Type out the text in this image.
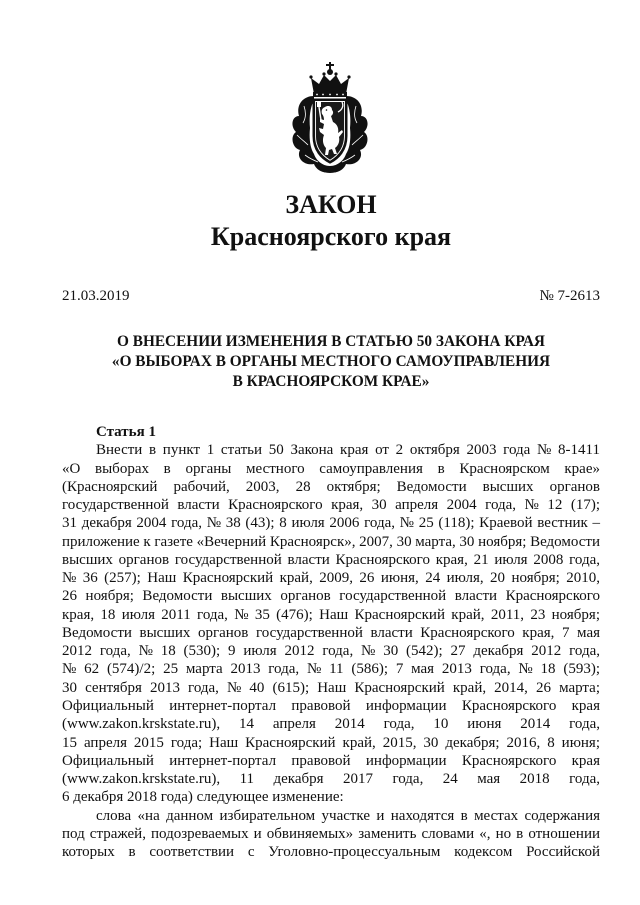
ЗАКОН
Красноярского края
21.03.2019	№ 7-2613
О ВНЕСЕНИИ ИЗМЕНЕНИЯ В СТАТЬЮ 50 ЗАКОНА КРАЯ
«О ВЫБОРАХ В ОРГАНЫ МЕСТНОГО САМОУПРАВЛЕНИЯ
В КРАСНОЯРСКОМ КРАЕ»
Статья 1
Внести в пункт 1 статьи 50 Закона края от 2 октября 2003 года № 8-1411
«О выборах в органы местного самоуправления в Красноярском крае»
(Красноярский рабочий, 2003, 28 октября; Ведомости высших органов
государственной власти Красноярского края, 30 апреля 2004 года, № 12 (17);
31 декабря 2004 года, № 38 (43); 8 июля 2006 года, № 25 (118); Краевой вестник –
приложение к газете «Вечерний Красноярск», 2007, 30 марта, 30 ноября; Ведомости
высших органов государственной власти Красноярского края, 21 июля 2008 года,
№ 36 (257); Наш Красноярский край, 2009, 26 июня, 24 июля, 20 ноября; 2010,
26 ноября; Ведомости высших органов государственной власти Красноярского
края, 18 июля 2011 года, № 35 (476); Наш Красноярский край, 2011, 23 ноября;
Ведомости высших органов государственной власти Красноярского края, 7 мая
2012 года, № 18 (530); 9 июля 2012 года, № 30 (542); 27 декабря 2012 года,
№ 62 (574)/2; 25 марта 2013 года, № 11 (586); 7 мая 2013 года, № 18 (593);
30 сентября 2013 года, № 40 (615); Наш Красноярский край, 2014, 26 марта;
Официальный интернет-портал правовой информации Красноярского края
(www.zakon.krskstate.ru), 14 апреля 2014 года, 10 июня 2014 года,
15 апреля 2015 года; Наш Красноярский край, 2015, 30 декабря; 2016, 8 июня;
Официальный интернет-портал правовой информации Красноярского края
(www.zakon.krskstate.ru), 11 декабря 2017 года, 24 мая 2018 года,
6 декабря 2018 года) следующее изменение:
слова «на данном избирательном участке и находятся в местах содержания
под стражей, подозреваемых и обвиняемых» заменить словами «, но в отношении
которых в соответствии с Уголовно-процессуальным кодексом Российской
